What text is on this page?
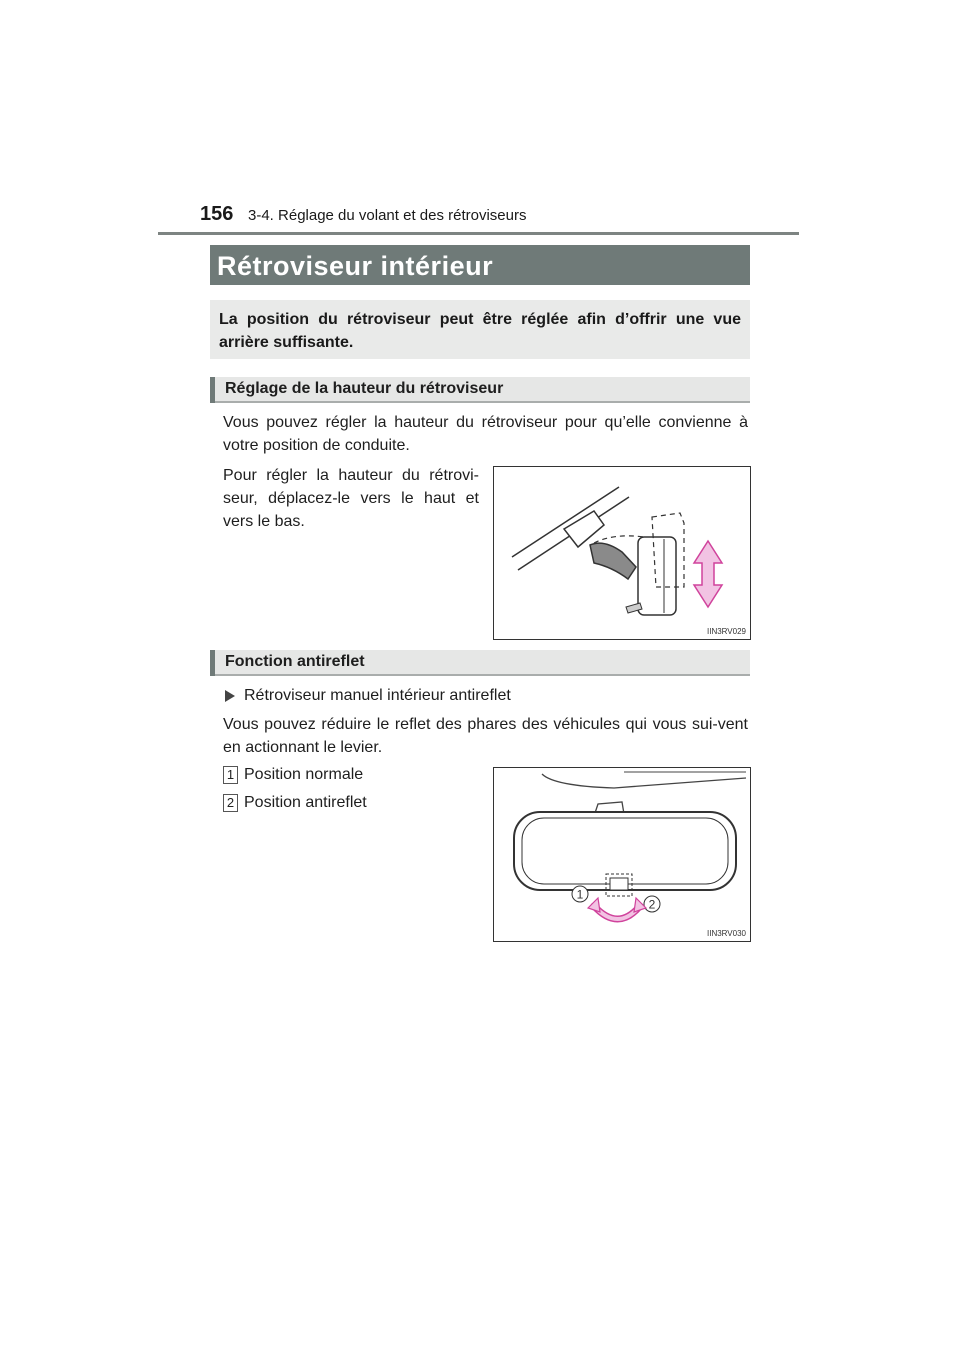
156 3-4. Réglage du volant et des rétroviseurs
Rétroviseur intérieur
La position du rétroviseur peut être réglée afin d’offrir une vue arrière suffisante.
Réglage de la hauteur du rétroviseur
Vous pouvez régler la hauteur du rétroviseur pour qu’elle convienne à votre position de conduite.
Pour régler la hauteur du rétrovi-seur, déplacez-le vers le haut et vers le bas.
IIN3RV029
Fonction antireflet
Rétroviseur manuel intérieur antireflet
Vous pouvez réduire le reflet des phares des véhicules qui vous sui-vent en actionnant le levier.
1 Position normale
2 Position antireflet
1
2
IIN3RV030
